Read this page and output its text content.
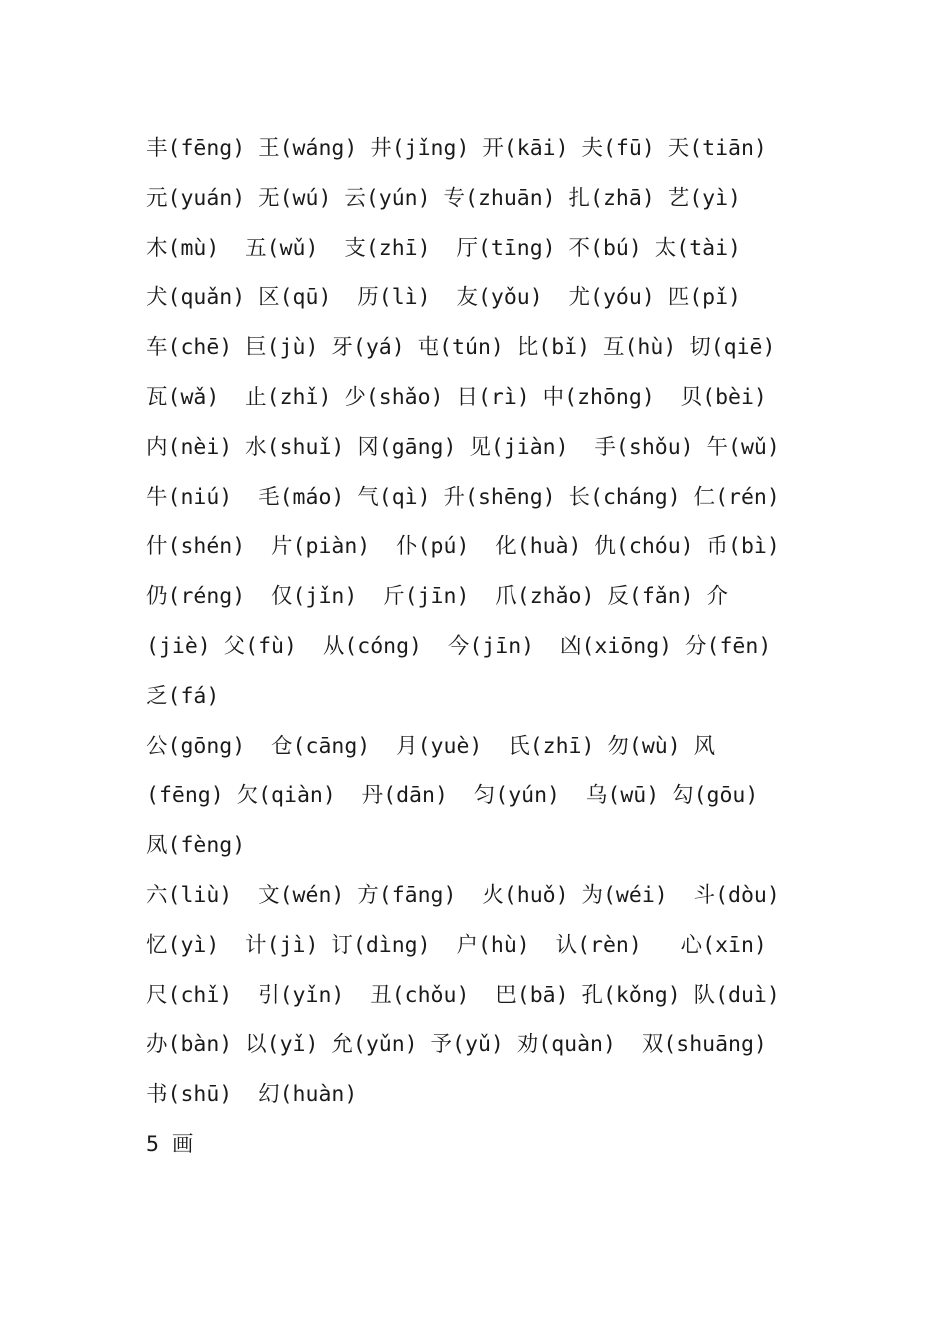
丰(fēng) 王(wáng) 井(jǐng) 开(kāi) 夫(fū) 天(tiān)
元(yuán) 无(wú) 云(yún) 专(zhuān) 扎(zhā) 艺(yì)
木(mù)  五(wǔ)  支(zhī)  厅(tīng) 不(bú) 太(tài)
犬(quǎn) 区(qū)  历(lì)  友(yǒu)  尤(yóu) 匹(pǐ)
车(chē) 巨(jù) 牙(yá) 屯(tún) 比(bǐ) 互(hù) 切(qiē)
瓦(wǎ)  止(zhǐ) 少(shǎo) 日(rì) 中(zhōng)  贝(bèi)
内(nèi) 水(shuǐ) 冈(gāng) 见(jiàn)  手(shǒu) 午(wǔ)
牛(niú)  毛(máo) 气(qì) 升(shēng) 长(cháng) 仁(rén)
什(shén)  片(piàn)  仆(pú)  化(huà) 仇(chóu) 币(bì)
仍(réng)  仅(jǐn)  斤(jīn)  爪(zhǎo) 反(fǎn) 介
(jiè) 父(fù)  从(cóng)  今(jīn)  凶(xiōng) 分(fēn)
乏(fá)
公(gōng)  仓(cāng)  月(yuè)  氏(zhī) 勿(wù) 风
(fēng) 欠(qiàn)  丹(dān)  匀(yún)  乌(wū) 勾(gōu)
凤(fèng)
六(liù)  文(wén) 方(fāng)  火(huǒ) 为(wéi)  斗(dòu)
忆(yì)  计(jì) 订(dìng)  户(hù)  认(rèn)   心(xīn)
尺(chǐ)  引(yǐn)  丑(chǒu)  巴(bā) 孔(kǒng) 队(duì)
办(bàn) 以(yǐ) 允(yǔn) 予(yǔ) 劝(quàn)  双(shuāng)
书(shū)  幻(huàn)
5 画
